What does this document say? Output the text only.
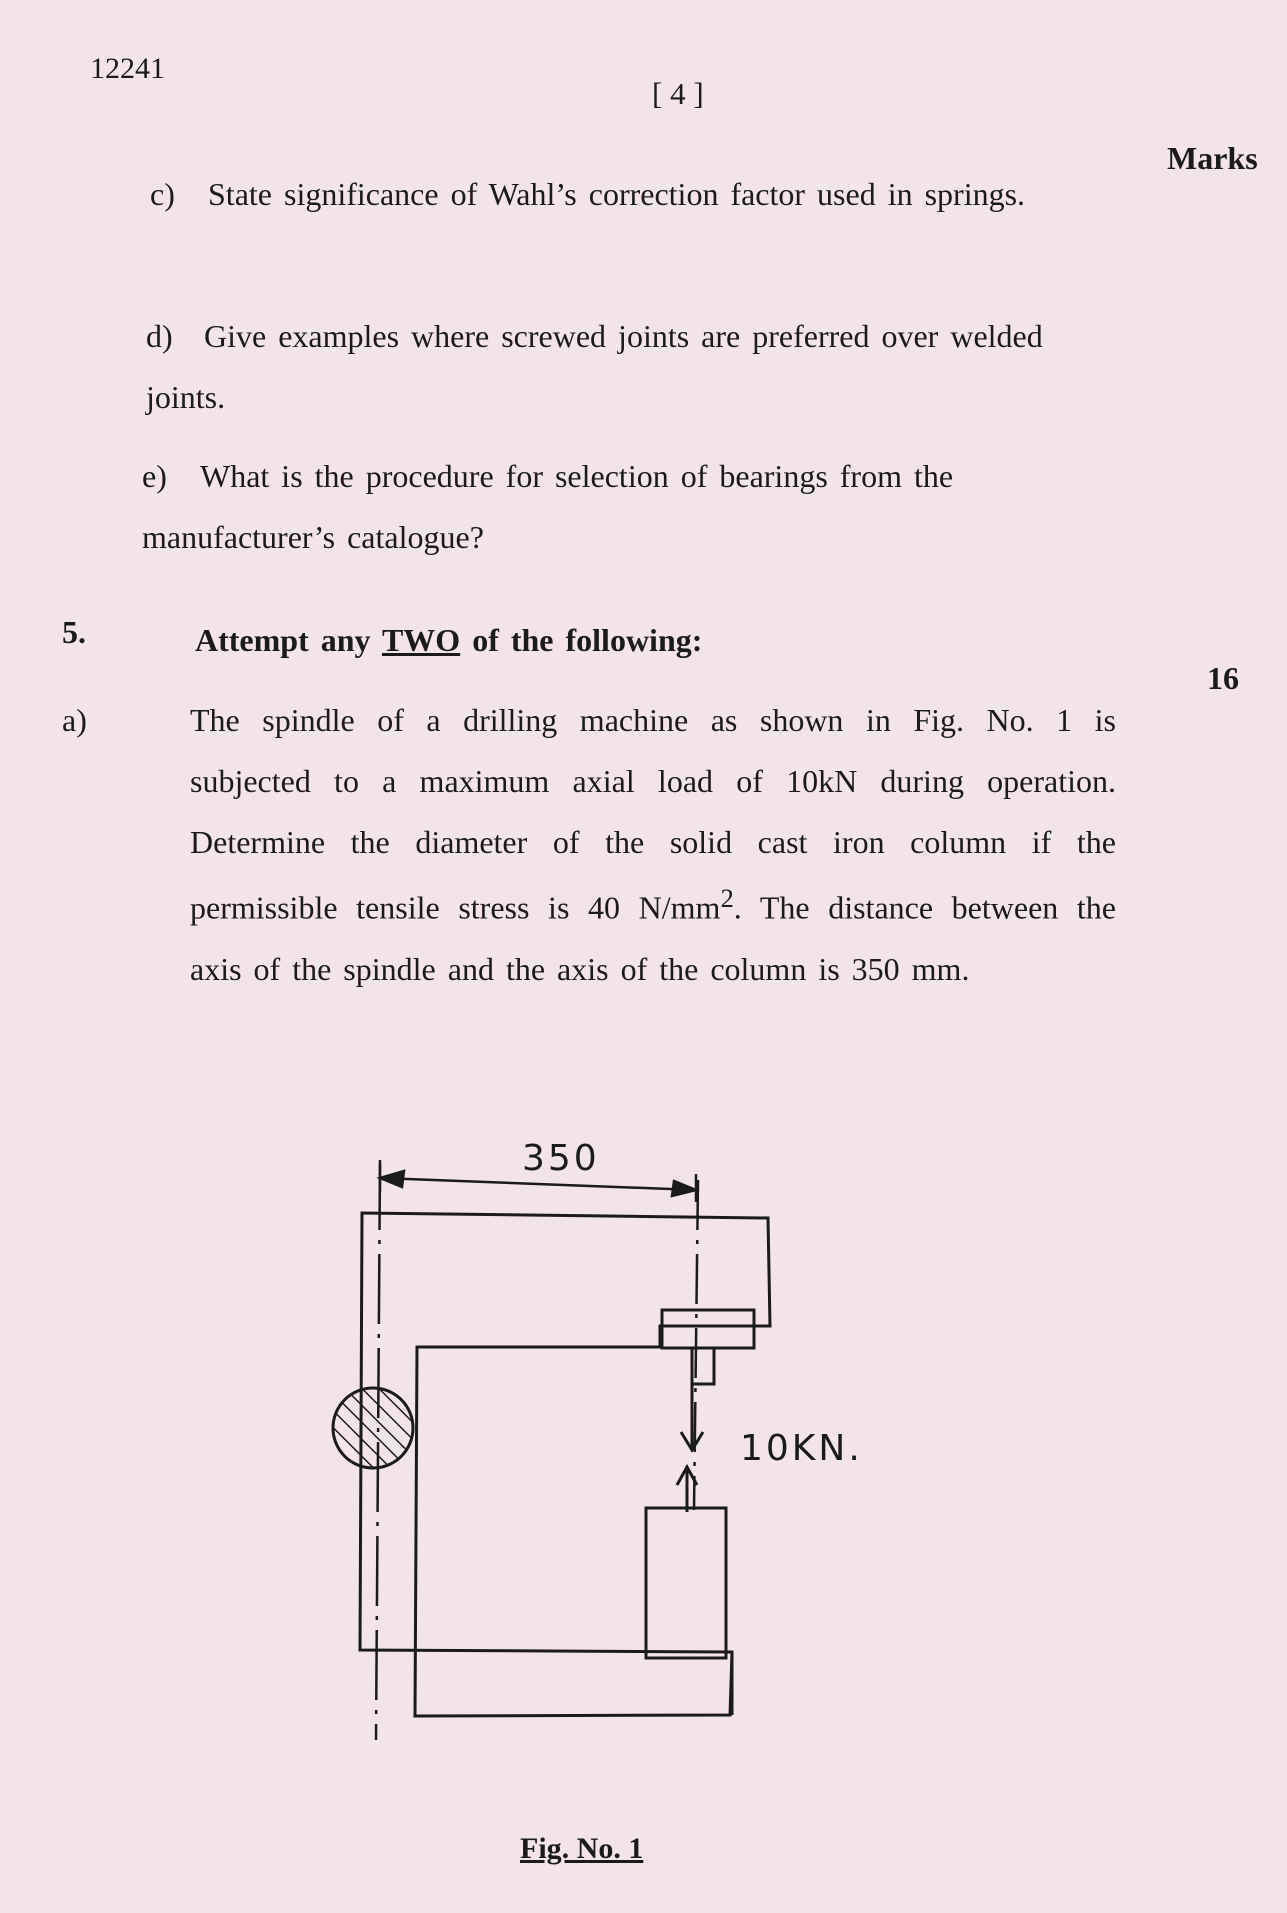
12241
[ 4 ]
Marks
c) State significance of Wahl’s correction factor used in springs.
d) Give examples where screwed joints are preferred over welded joints.
e) What is the procedure for selection of bearings from the manufacturer’s catalogue?
5.	Attempt any TWO of the following:
16
a)	The spindle of a drilling machine as shown in Fig. No. 1 is subjected to a maximum axial load of 10kN during operation. Determine the diameter of the solid cast iron column if the permissible tensile stress is 40 $N/mm^2$. The distance between the axis of the spindle and the axis of the column is 350 mm.
350
10KN.
Fig. No. 1
